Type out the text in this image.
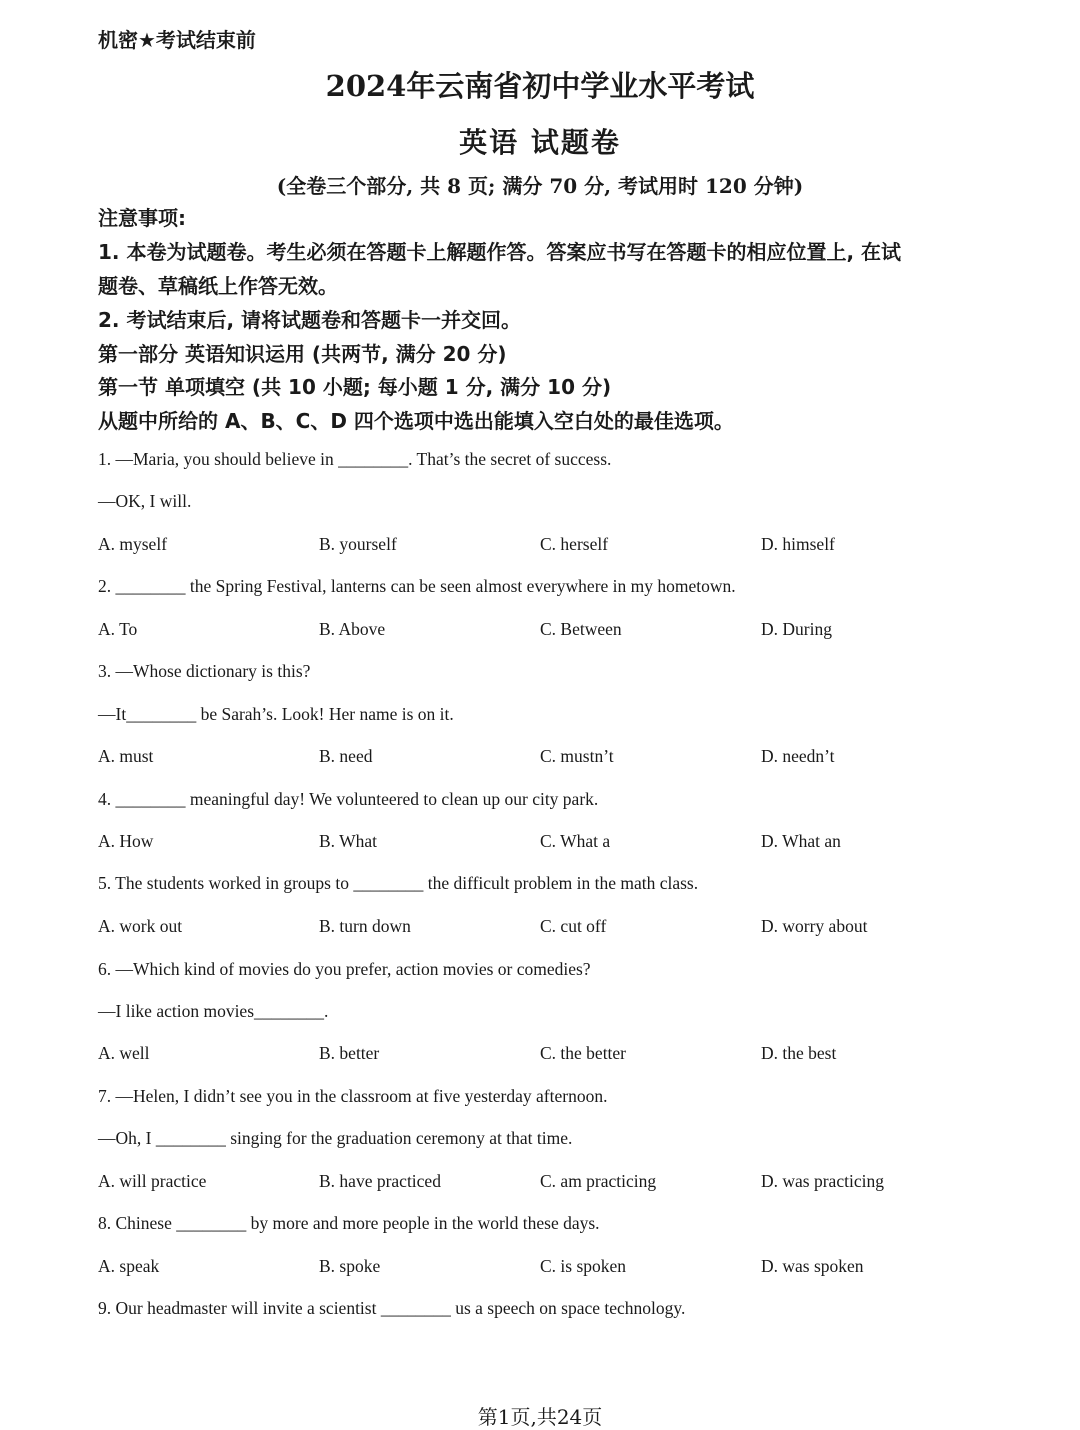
机密★考试结束前
2024年云南省初中学业水平考试
英语 试题卷
(全卷三个部分, 共 8 页; 满分 70 分, 考试用时 120 分钟)
注意事项:
1. 本卷为试题卷。考生必须在答题卡上解题作答。答案应书写在答题卡的相应位置上, 在试
题卷、草稿纸上作答无效。
2. 考试结束后, 请将试题卷和答题卡一并交回。
第一部分 英语知识运用 (共两节, 满分 20 分)
第一节 单项填空 (共 10 小题; 每小题 1 分, 满分 10 分)
从题中所给的 A、B、C、D 四个选项中选出能填入空白处的最佳选项。
1. —Maria, you should believe in ________. That’s the secret of success.
—OK, I will.
A. myself	B. yourself	C. herself	D. himself
2. ________ the Spring Festival, lanterns can be seen almost everywhere in my hometown.
A. To	B. Above	C. Between	D. During
3. —Whose dictionary is this?
—It________ be Sarah’s. Look! Her name is on it.
A. must	B. need	C. mustn’t	D. needn’t
4. ________ meaningful day! We volunteered to clean up our city park.
A. How	B. What	C. What a	D. What an
5. The students worked in groups to ________ the difficult problem in the math class.
A. work out	B. turn down	C. cut off	D. worry about
6. —Which kind of movies do you prefer, action movies or comedies?
—I like action movies________.
A. well	B. better	C. the better	D. the best
7. —Helen, I didn’t see you in the classroom at five yesterday afternoon.
—Oh, I ________ singing for the graduation ceremony at that time.
A. will practice	B. have practiced	C. am practicing	D. was practicing
8. Chinese ________ by more and more people in the world these days.
A. speak	B. spoke	C. is spoken	D. was spoken
9. Our headmaster will invite a scientist ________ us a speech on space technology.
第1页,共24页
